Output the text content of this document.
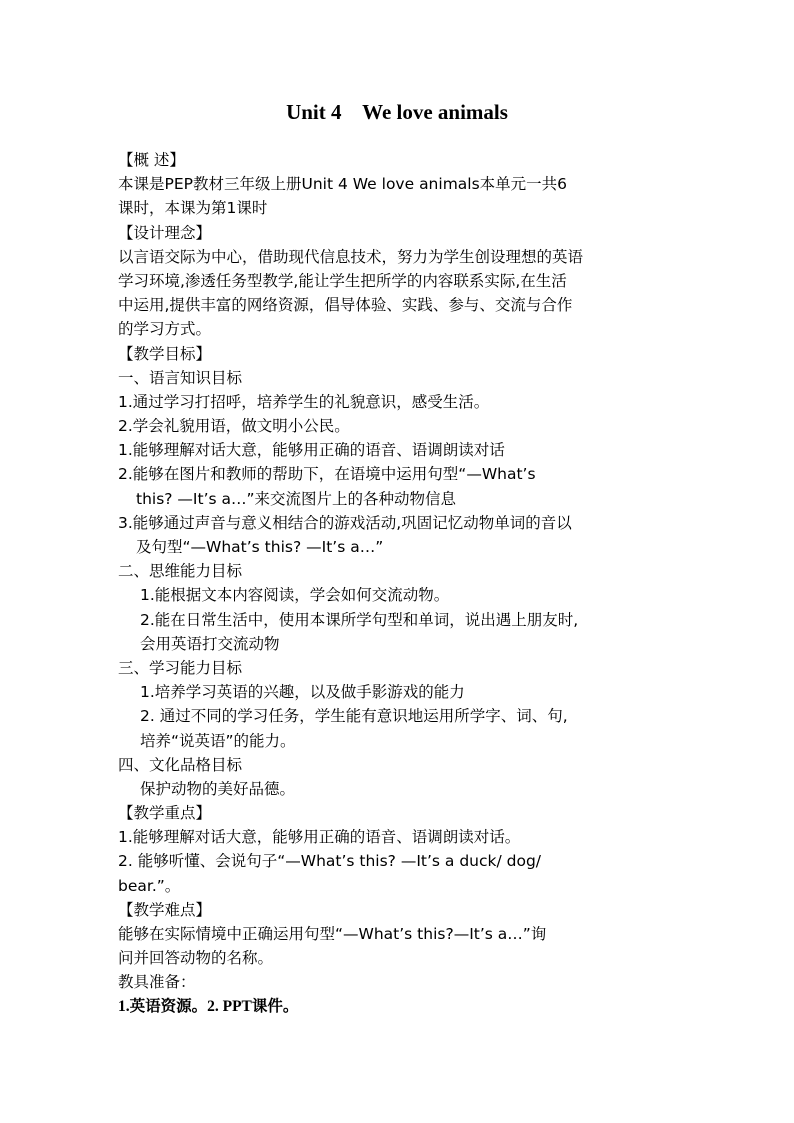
Unit 4    We love animals
【概 述】
本课是PEP教材三年级上册Unit 4 We love animals本单元一共6
课时，本课为第1课时
【设计理念】
以言语交际为中心，借助现代信息技术，努力为学生创设理想的英语
学习环境,渗透任务型教学,能让学生把所学的内容联系实际,在生活
中运用,提供丰富的网络资源，倡导体验、实践、参与、交流与合作
的学习方式。
【教学目标】
一、语言知识目标
1.通过学习打招呼，培养学生的礼貌意识，感受生活。
2.学会礼貌用语，做文明小公民。
1.能够理解对话大意，能够用正确的语音、语调朗读对话
2.能够在图片和教师的帮助下，在语境中运用句型“—What’s
this? —It’s a…”来交流图片上的各种动物信息
3.能够通过声音与意义相结合的游戏活动,巩固记忆动物单词的音以
及句型“—What’s this? —It’s a…”
二、思维能力目标
1.能根据文本内容阅读，学会如何交流动物。
2.能在日常生活中，使用本课所学句型和单词，说出遇上朋友时,
会用英语打交流动物
三、学习能力目标
1.培养学习英语的兴趣，以及做手影游戏的能力
2. 通过不同的学习任务，学生能有意识地运用所学字、词、句,
培养“说英语”的能力。
四、文化品格目标
保护动物的美好品德。
【教学重点】
1.能够理解对话大意，能够用正确的语音、语调朗读对话。
2. 能够听懂、会说句子“—What’s this? —It’s a duck/ dog/
bear.”。
【教学难点】
能够在实际情境中正确运用句型“—What’s this?—It’s a…”询
问并回答动物的名称。
教具准备：
1.英语资源。2. PPT课件。
